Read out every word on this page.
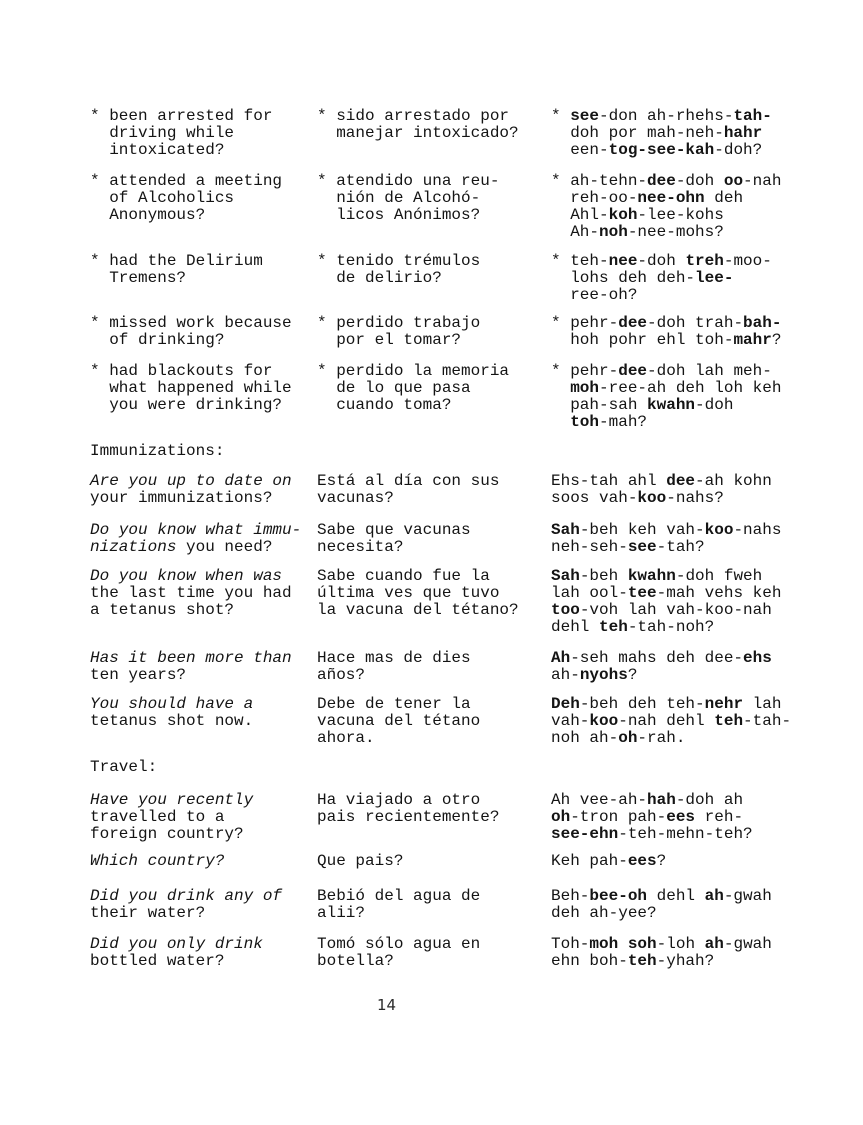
* been arrested for
driving while
intoxicated?
* sido arrestado por
manejar intoxicado?
* see-don ah-rhehs-tah-
doh por mah-neh-hahr
een-tog-see-kah-doh?
* attended a meeting
of Alcoholics
Anonymous?
* atendido una reu-
nión de Alcohó-
licos Anónimos?
* ah-tehn-dee-doh oo-nah
reh-oo-nee-ohn deh
Ahl-koh-lee-kohs
Ah-noh-nee-mohs?
* had the Delirium
Tremens?
* tenido trémulos
de delirio?
* teh-nee-doh treh-moo-
lohs deh deh-lee-
ree-oh?
* missed work because
of drinking?
* perdido trabajo
por el tomar?
* pehr-dee-doh trah-bah-
hoh pohr ehl toh-mahr?
* had blackouts for
what happened while
you were drinking?
* perdido la memoria
de lo que pasa
cuando toma?
* pehr-dee-doh lah meh-
moh-ree-ah deh loh keh
pah-sah kwahn-doh
toh-mah?
Immunizations:
Are you up to date on
your immunizations?
Está al día con sus
vacunas?
Ehs-tah ahl dee-ah kohn
soos vah-koo-nahs?
Do you know what immu-
nizations you need?
Sabe que vacunas
necesita?
Sah-beh keh vah-koo-nahs
neh-seh-see-tah?
Do you know when was
the last time you had
a tetanus shot?
Sabe cuando fue la
última ves que tuvo
la vacuna del tétano?
Sah-beh kwahn-doh fweh
lah ool-tee-mah vehs keh
too-voh lah vah-koo-nah
dehl teh-tah-noh?
Has it been more than
ten years?
Hace mas de dies
años?
Ah-seh mahs deh dee-ehs
ah-nyohs?
You should have a
tetanus shot now.
Debe de tener la
vacuna del tétano
ahora.
Deh-beh deh teh-nehr lah
vah-koo-nah dehl teh-tah-
noh ah-oh-rah.
Travel:
Have you recently
travelled to a
foreign country?
Ha viajado a otro
pais recientemente?
Ah vee-ah-hah-doh ah
oh-tron pah-ees reh-
see-ehn-teh-mehn-teh?
Which country?	Que pais?	Keh pah-ees?
Did you drink any of
their water?
Bebió del agua de
alii?
Beh-bee-oh dehl ah-gwah
deh ah-yee?
Did you only drink
bottled water?
Tomó sólo agua en
botella?
Toh-moh soh-loh ah-gwah
ehn boh-teh-yhah?
14
